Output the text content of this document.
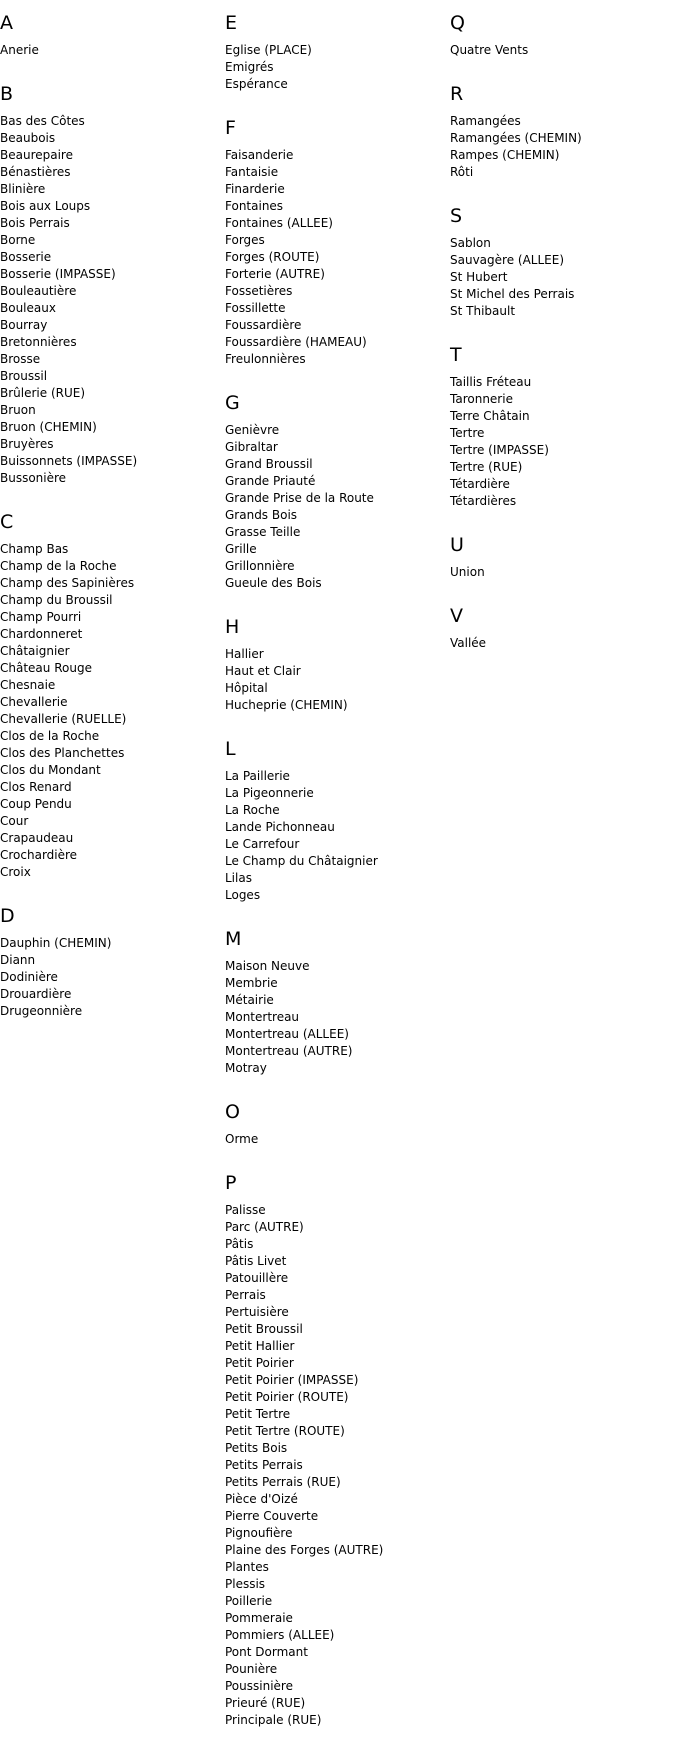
A
Anerie
B
Bas des Côtes
Beaubois
Beaurepaire
Bénastières
Blinière
Bois aux Loups
Bois Perrais
Borne
Bosserie
Bosserie (IMPASSE)
Bouleautière
Bouleaux
Bourray
Bretonnières
Brosse
Broussil
Brûlerie (RUE)
Bruon
Bruon (CHEMIN)
Bruyères
Buissonnets (IMPASSE)
Bussonière
C
Champ Bas
Champ de la Roche
Champ des Sapinières
Champ du Broussil
Champ Pourri
Chardonneret
Châtaignier
Château Rouge
Chesnaie
Chevallerie
Chevallerie (RUELLE)
Clos de la Roche
Clos des Planchettes
Clos du Mondant
Clos Renard
Coup Pendu
Cour
Crapaudeau
Crochardière
Croix
D
Dauphin (CHEMIN)
Diann
Dodinière
Drouardière
Drugeonnière
E
Eglise (PLACE)
Emigrés
Espérance
F
Faisanderie
Fantaisie
Finarderie
Fontaines
Fontaines (ALLEE)
Forges
Forges (ROUTE)
Forterie (AUTRE)
Fossetières
Fossillette
Foussardière
Foussardière (HAMEAU)
Freulonnières
G
Genièvre
Gibraltar
Grand Broussil
Grande Priauté
Grande Prise de la Route
Grands Bois
Grasse Teille
Grille
Grillonnière
Gueule des Bois
H
Hallier
Haut et Clair
Hôpital
Hucheprie (CHEMIN)
L
La Paillerie
La Pigeonnerie
La Roche
Lande Pichonneau
Le Carrefour
Le Champ du Châtaignier
Lilas
Loges
M
Maison Neuve
Membrie
Métairie
Montertreau
Montertreau (ALLEE)
Montertreau (AUTRE)
Motray
O
Orme
P
Palisse
Parc (AUTRE)
Pâtis
Pâtis Livet
Patouillère
Perrais
Pertuisière
Petit Broussil
Petit Hallier
Petit Poirier
Petit Poirier (IMPASSE)
Petit Poirier (ROUTE)
Petit Tertre
Petit Tertre (ROUTE)
Petits Bois
Petits Perrais
Petits Perrais (RUE)
Pièce d'Oizé
Pierre Couverte
Pignoufière
Plaine des Forges (AUTRE)
Plantes
Plessis
Poillerie
Pommeraie
Pommiers (ALLEE)
Pont Dormant
Pounière
Poussinière
Prieuré (RUE)
Principale (RUE)
Q
Quatre Vents
R
Ramangées
Ramangées (CHEMIN)
Rampes (CHEMIN)
Rôti
S
Sablon
Sauvagère (ALLEE)
St Hubert
St Michel des Perrais
St Thibault
T
Taillis Fréteau
Taronnerie
Terre Châtain
Tertre
Tertre (IMPASSE)
Tertre (RUE)
Tétardière
Tétardières
U
Union
V
Vallée
